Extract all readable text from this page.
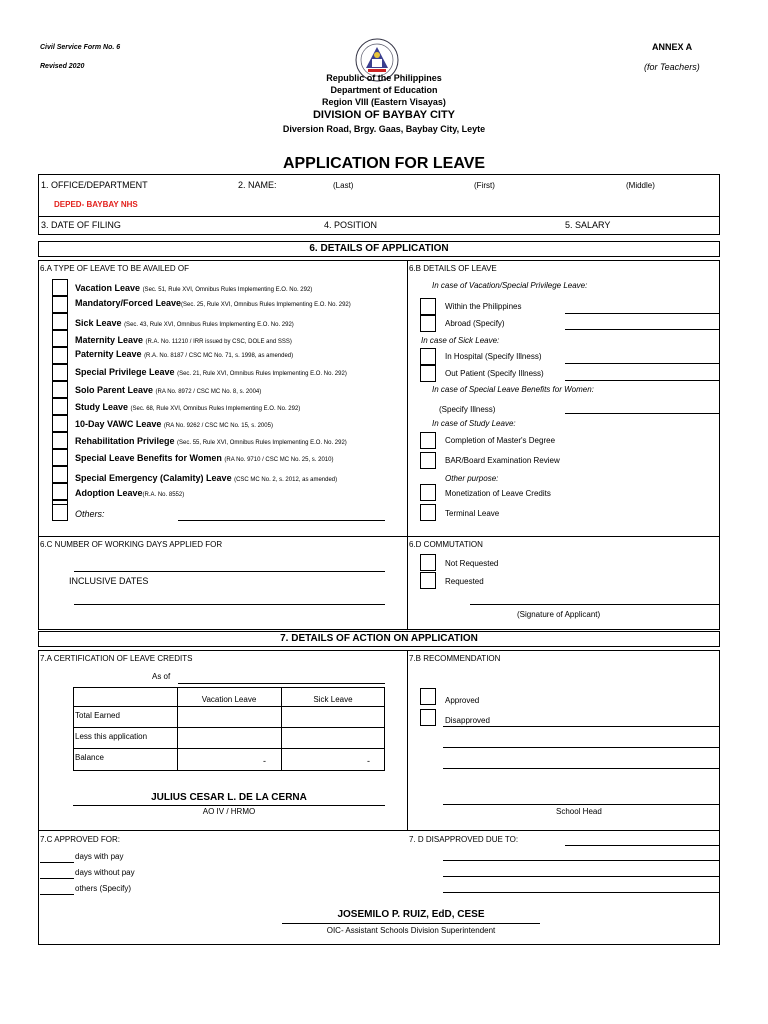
Civil Service Form No. 6
Revised 2020
ANNEX A
(for Teachers)
Republic of the Philippines
Department of Education
Region VIII (Eastern Visayas)
DIVISION OF BAYBAY CITY
Diversion Road, Brgy. Gaas, Baybay City, Leyte
APPLICATION FOR LEAVE
1. OFFICE/DEPARTMENT
DEPED- BAYBAY NHS
2. NAME:	(Last)	(First)	(Middle)
3. DATE OF FILING	4. POSITION	5. SALARY
6. DETAILS OF APPLICATION
6.A TYPE OF LEAVE TO BE AVAILED OF
Vacation Leave (Sec. 51, Rule XVI, Omnibus Rules Implementing E.O. No. 292)
Mandatory/Forced Leave(Sec. 25, Rule XVI, Omnibus Rules Implementing E.O. No. 292)
Sick Leave (Sec. 43, Rule XVI, Omnibus Rules Implementing E.O. No. 292)
Maternity Leave (R.A. No. 11210 / IRR issued by CSC, DOLE and SSS)
Paternity Leave (R.A. No. 8187 / CSC MC No. 71, s. 1998, as amended)
Special Privilege Leave (Sec. 21, Rule XVI, Omnibus Rules Implementing E.O. No. 292)
Solo Parent Leave (RA No. 8972 / CSC MC No. 8, s. 2004)
Study Leave (Sec. 68, Rule XVI, Omnibus Rules Implementing E.O. No. 292)
10-Day VAWC Leave (RA No. 9262 / CSC MC No. 15, s. 2005)
Rehabilitation Privilege (Sec. 55, Rule XVI, Omnibus Rules Implementing E.O. No. 292)
Special Leave Benefits for Women (RA No. 9710 / CSC MC No. 25, s. 2010)
Special Emergency (Calamity) Leave (CSC MC No. 2, s. 2012, as amended)
Adoption Leave(R.A. No. 8552)
Others:
6.B DETAILS OF LEAVE
In case of Vacation/Special Privilege Leave:
Within the Philippines
Abroad (Specify)
In case of Sick Leave:
In Hospital (Specify Illness)
Out Patient (Specify Illness)
In case of Special Leave Benefits for Women:
(Specify Illness)
In case of Study Leave:
Completion of Master's Degree
BAR/Board Examination Review
Other purpose:
Monetization of Leave Credits
Terminal Leave
6.C NUMBER OF WORKING DAYS APPLIED FOR
INCLUSIVE DATES
6.D COMMUTATION
Not Requested
Requested
(Signature of Applicant)
7. DETAILS OF ACTION ON APPLICATION
7.A CERTIFICATION OF LEAVE CREDITS
As of
Vacation Leave	Sick Leave
Total Earned
Less this application
Balance	-	-
JULIUS CESAR L. DE LA CERNA
AO IV / HRMO
7.B RECOMMENDATION
Approved
Disapproved
School Head
7.C APPROVED FOR:
days with pay
days without pay
others (Specify)
7. D DISAPPROVED DUE TO:
JOSEMILO P. RUIZ, EdD, CESE
OIC- Assistant Schools Division Superintendent
